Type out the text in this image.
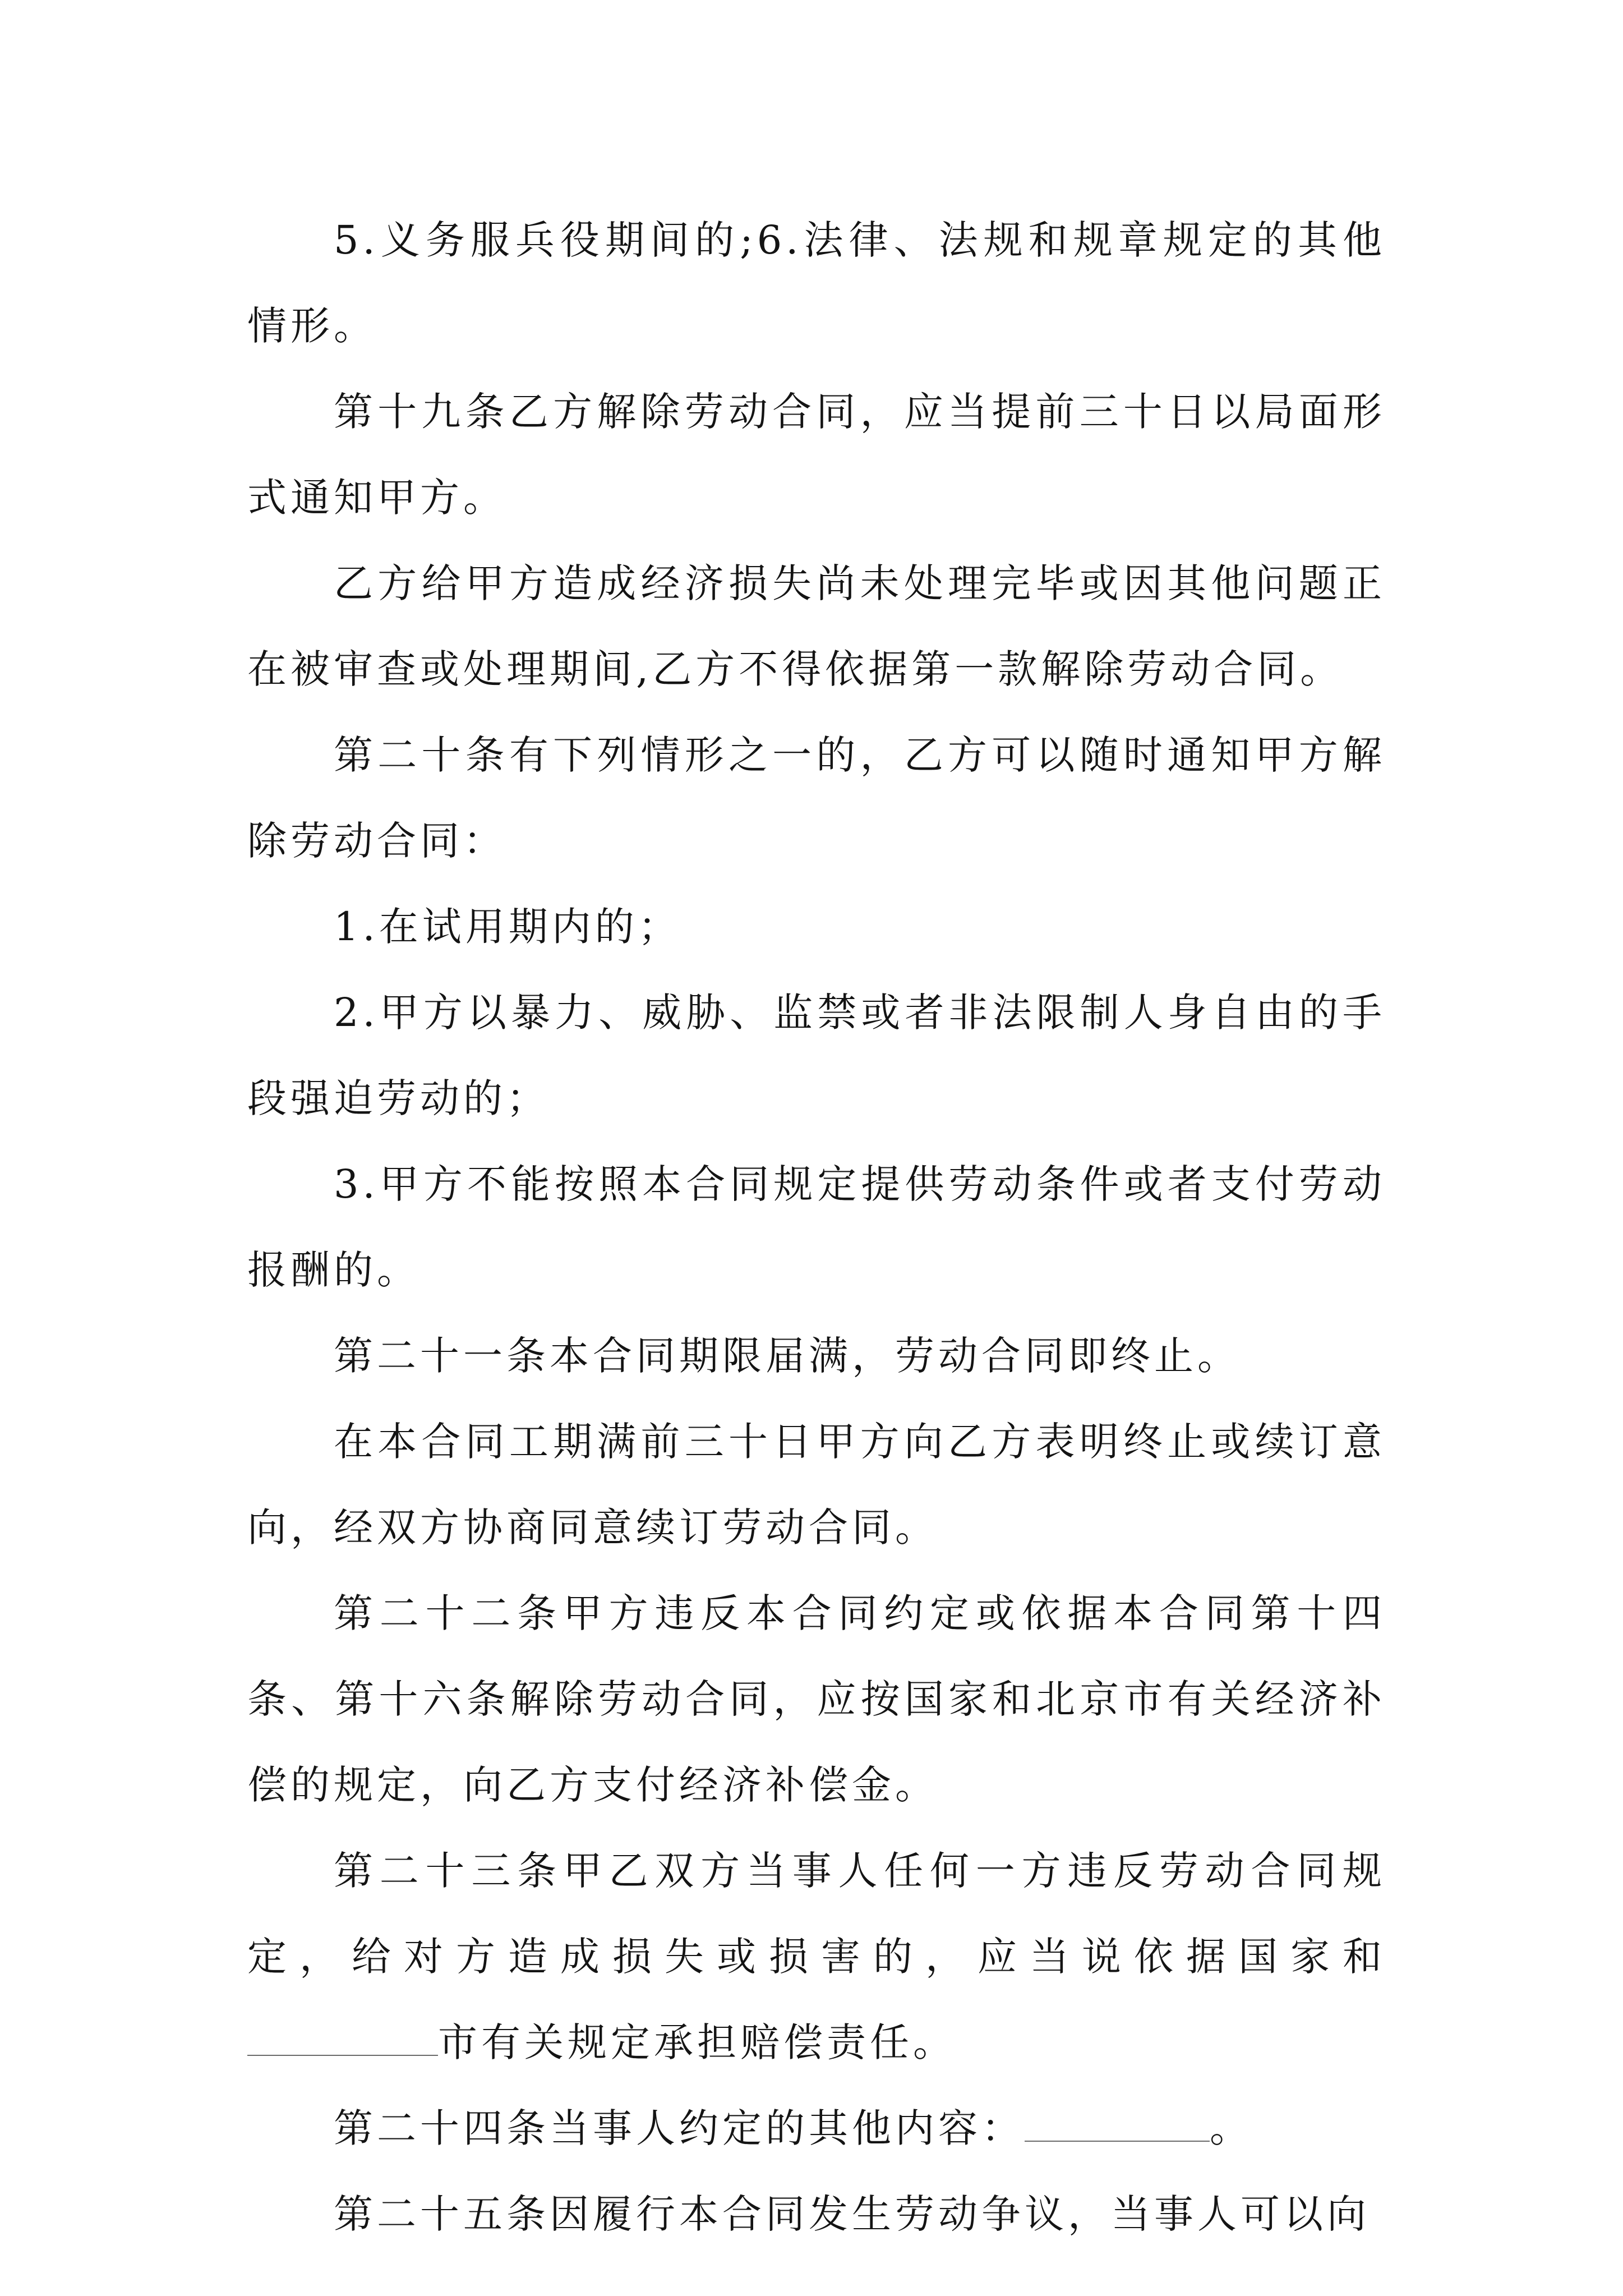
5.义务服兵役期间的;6.法律、法规和规章规定的其他情形。

第十九条乙方解除劳动合同，应当提前三十日以局面形式通知甲方。

乙方给甲方造成经济损失尚未处理完毕或因其他问题正在被审查或处理期间,乙方不得依据第一款解除劳动合同。

第二十条有下列情形之一的，乙方可以随时通知甲方解除劳动合同：

1.在试用期内的；

2.甲方以暴力、威胁、监禁或者非法限制人身自由的手段强迫劳动的；

3.甲方不能按照本合同规定提供劳动条件或者支付劳动报酬的。

第二十一条本合同期限届满，劳动合同即终止。

在本合同工期满前三十日甲方向乙方表明终止或续订意向，经双方协商同意续订劳动合同。

第二十二条甲方违反本合同约定或依据本合同第十四条、第十六条解除劳动合同，应按国家和北京市有关经济补偿的规定，向乙方支付经济补偿金。

第二十三条甲乙双方当事人任何一方违反劳动合同规定，给对方造成损失或损害的，应当说依据国家和市有关规定承担赔偿责任。

第二十四条当事人约定的其他内容：	。

第二十五条因履行本合同发生劳动争议，当事人可以向
